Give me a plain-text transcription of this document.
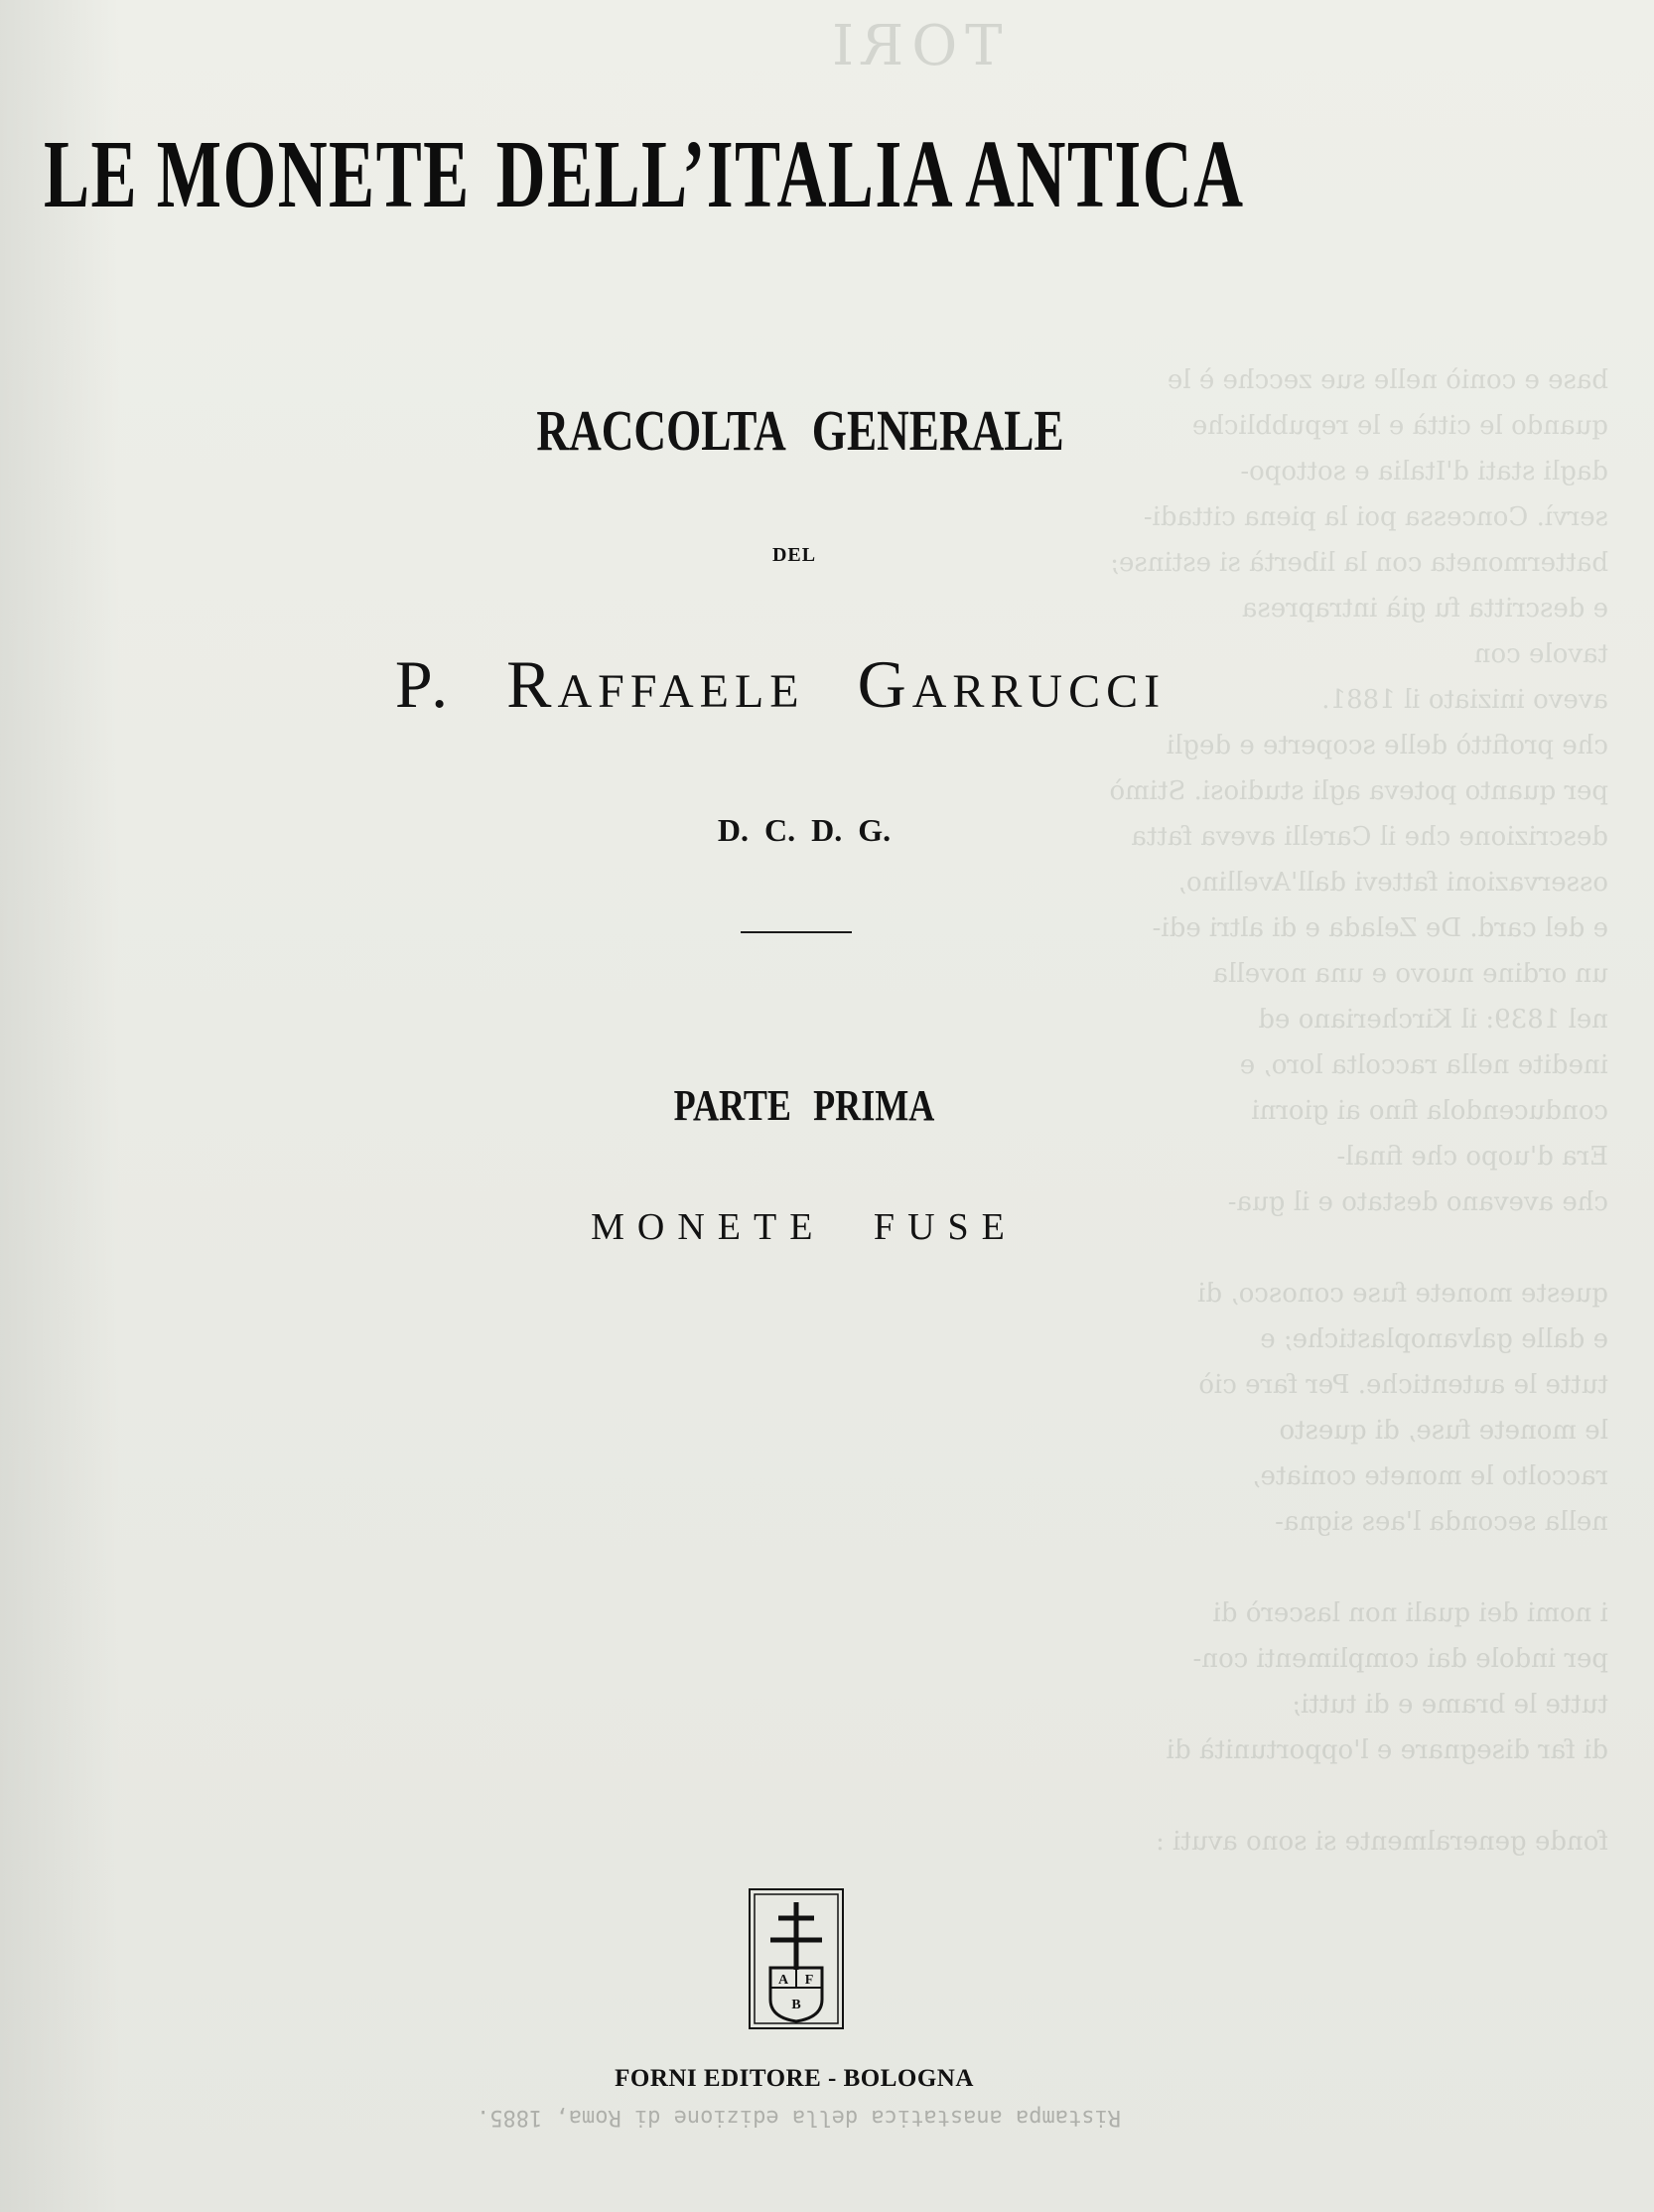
TORI
base e coniò nelle sue zecche è le
quando le città e le repubbliche
dagli stati d'Italia e sottopo-
servì. Concessa poi la piena cittadi-
battermoneta con la libertà si estinse;
e descritta fu già intrapresa
tavole con
avevo iniziato il 1881.
che profittò delle scoperte e degli
per quanto poteva agli studiosi. Stimò
descrizione che il Carelli aveva fatta
osservazioni fattevi dall'Avellino,
e del card. De Zelada e di altri edi-
un ordine nuovo e una novella
nel 1839: il Kircheriano ed
inedite nella raccolta loro, e
conducendola fino ai giorni
Era d'uopo che final-
che avevano destato e il gua-
queste monete fuse conosco, di
e dalle galvanoplastiche; e
tutte le autentiche. Per fare ciò
le monete fuse, di questo
raccolto le monete coniate,
nella seconda l'aes signa-
i nomi dei quali non lascerò di
per indole dai complimenti con-
tutte le brame e di tutti;
di far disegnare e l'opportunità di
fonde generalmente si sono avuti :
LE MONETE DELL’ITALIA ANTICA
RACCOLTA GENERALE
DEL
P. Raffaele Garrucci
D. C. D. G.
PARTE PRIMA
MONETE FUSE
A F
B
FORNI EDITORE - BOLOGNA
Ristampa anastatica della edizione di Roma, 1885.
